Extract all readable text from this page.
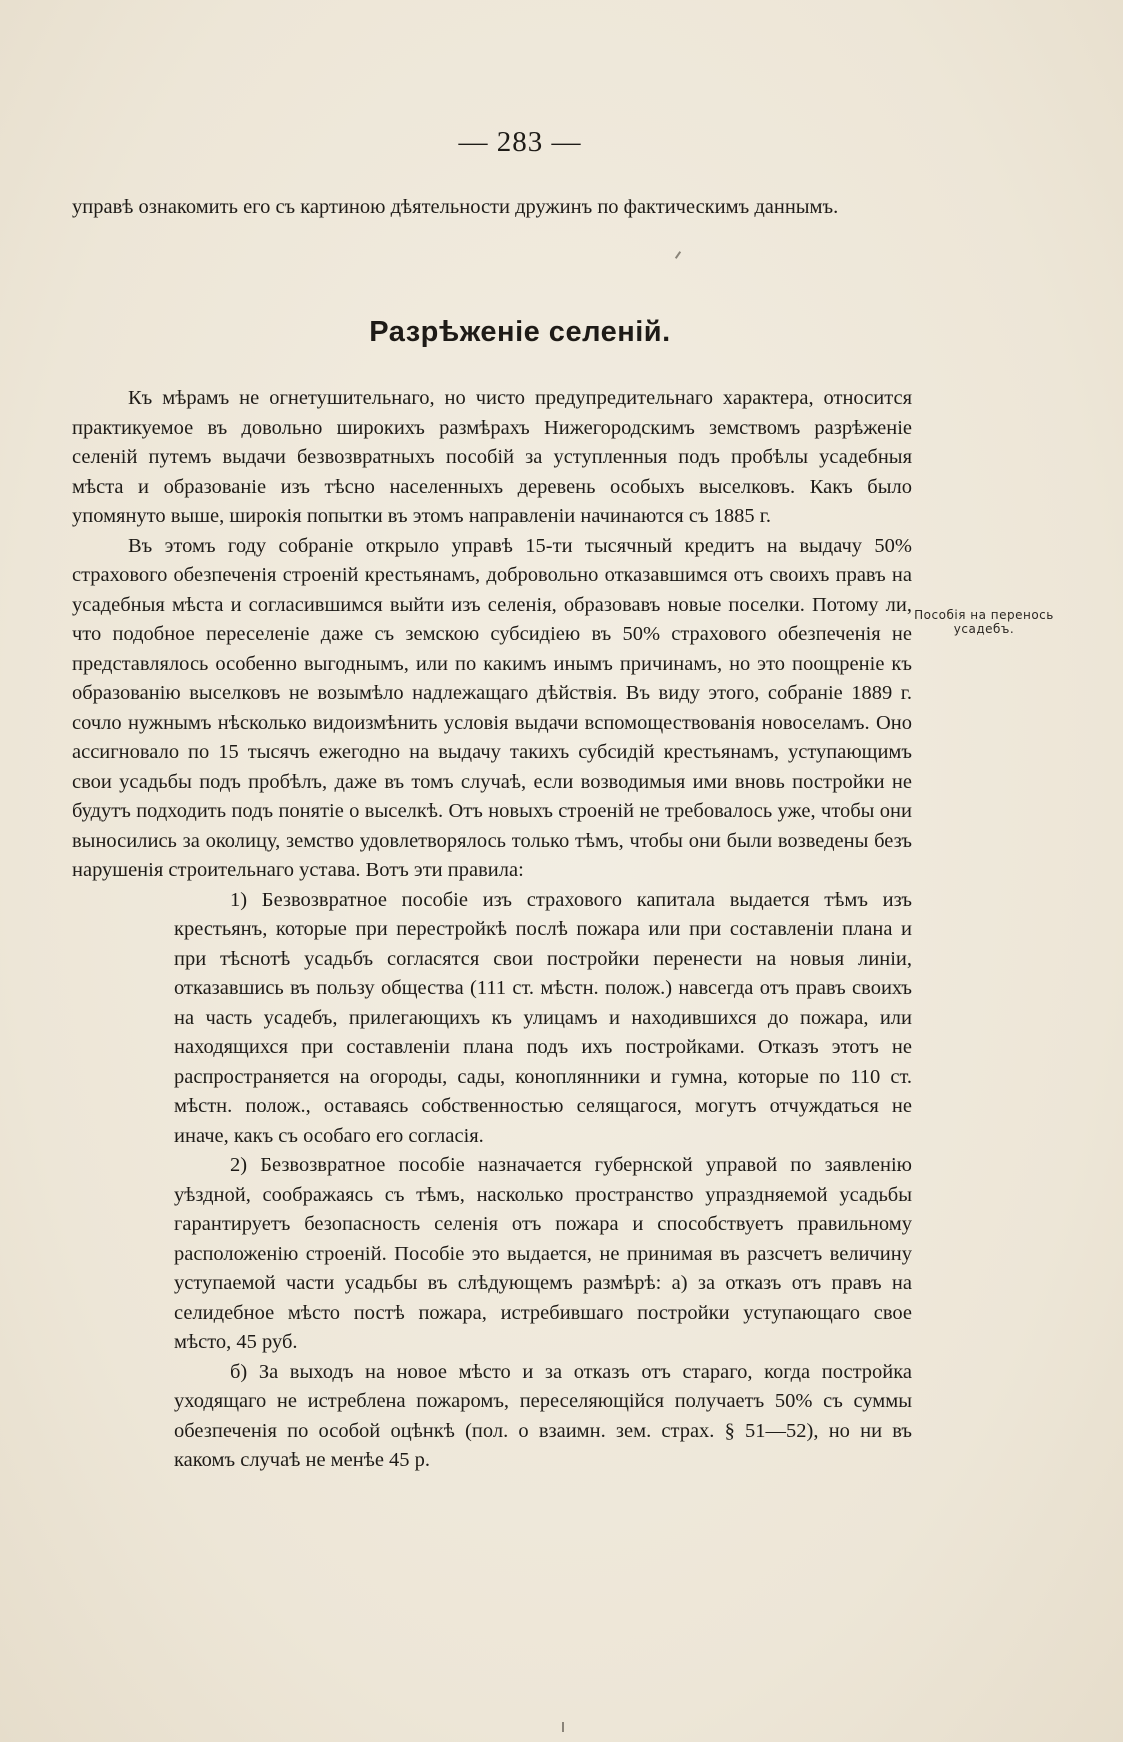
— 283 —

управѣ ознакомить его съ картиною дѣятельности дружинъ по фактическимъ даннымъ.

Разрѣженіе селеній.

Къ мѣрамъ не огнетушительнаго, но чисто предупредительнаго характера, относится практикуемое въ довольно широкихъ размѣрахъ Нижегородскимъ земствомъ разрѣженіе селеній путемъ выдачи безвозвратныхъ пособій за уступленныя подъ пробѣлы усадебныя мѣста и образованіе изъ тѣсно населенныхъ деревень особыхъ выселковъ. Какъ было упомянуто выше, широкія попытки въ этомъ направленіи начинаются съ 1885 г.

Въ этомъ году собраніе открыло управѣ 15-ти тысячный кредитъ на выдачу 50% страхового обезпеченія строеній крестьянамъ, добровольно отказавшимся отъ своихъ правъ на усадебныя мѣста и согласившимся выйти изъ селенія, образовавъ новые поселки. Потому ли, что подобное переселеніе даже съ земскою субсидіею въ 50% страхового обезпеченія не представлялось особенно выгоднымъ, или по какимъ инымъ причинамъ, но это поощреніе къ образованію выселковъ не возымѣло надлежащаго дѣйствія. Въ виду этого, собраніе 1889 г. сочло нужнымъ нѣсколько видоизмѣнить условія выдачи вспомоществованія новоселамъ. Оно ассигновало по 15 тысячъ ежегодно на выдачу такихъ субсидій крестьянамъ, уступающимъ свои усадьбы подъ пробѣлъ, даже въ томъ случаѣ, если возводимыя ими вновь постройки не будутъ подходить подъ понятіе о выселкѣ. Отъ новыхъ строеній не требовалось уже, чтобы они выносились за околицу, земство удовлетворялось только тѣмъ, чтобы они были возведены безъ нарушенія строительнаго устава. Вотъ эти правила:

1) Безвозвратное пособіе изъ страхового капитала выдается тѣмъ изъ крестьянъ, которые при перестройкѣ послѣ пожара или при составленіи плана и при тѣснотѣ усадьбъ согласятся свои постройки перенести на новыя линіи, отказавшись въ пользу общества (111 ст. мѣстн. полож.) навсегда отъ правъ своихъ на часть усадебъ, прилегающихъ къ улицамъ и находившихся до пожара, или находящихся при составленіи плана подъ ихъ постройками. Отказъ этотъ не распространяется на огороды, сады, коноплянники и гумна, которые по 110 ст. мѣстн. полож., оставаясь собственностью селящагося, могутъ отчуждаться не иначе, какъ съ особаго его согласія.

2) Безвозвратное пособіе назначается губернской управой по заявленію уѣздной, соображаясь съ тѣмъ, насколько пространство упраздняемой усадьбы гарантируетъ безопасность селенія отъ пожара и способствуетъ правильному расположенію строеній. Пособіе это выдается, не принимая въ разсчетъ величину уступаемой части усадьбы въ слѣдующемъ размѣрѣ: а) за отказъ отъ правъ на селидебное мѣсто постѣ пожара, истребившаго постройки уступающаго свое мѣсто, 45 руб.

б) За выходъ на новое мѣсто и за отказъ отъ стараго, когда постройка уходящаго не истреблена пожаромъ, переселяющійся получаетъ 50% съ суммы обезпеченія по особой оцѣнкѣ (пол. о взаимн. зем. страх. § 51—52), но ни въ какомъ случаѣ не менѣе 45 р.

Пособія на перенось усадебъ.
